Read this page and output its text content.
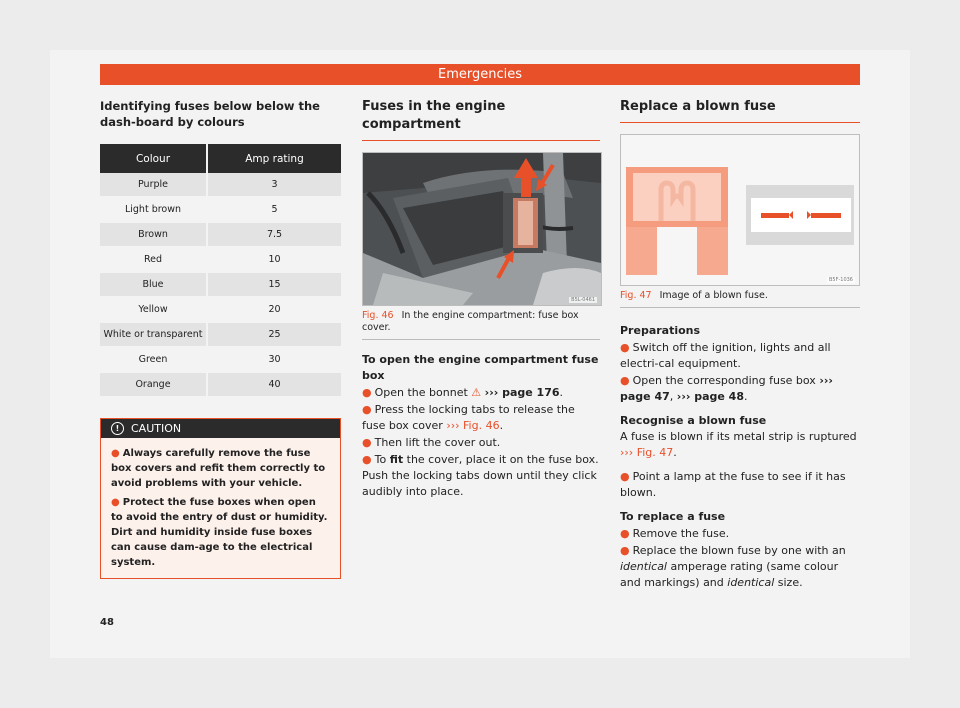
Emergencies

Identifying fuses below below the dash-board by colours

Colour	Amp rating
Purple	3
Light brown	5
Brown	7.5
Red	10
Blue	15
Yellow	20
White or transparent	25
Green	30
Orange	40
!	CAUTION

● Always carefully remove the fuse box covers and refit them correctly to avoid problems with your vehicle.

● Protect the fuse boxes when open to avoid the entry of dust or humidity. Dirt and humidity inside fuse boxes can cause dam-age to the electrical system.

Fuses in the engine compartment
B5L-0461
Fig. 46 In the engine compartment: fuse box cover.

To open the engine compartment fuse box

● Open the bonnet ⚠ ››› page 176.

● Press the locking tabs to release the fuse box cover ››› Fig. 46.

● Then lift the cover out.

● To fit the cover, place it on the fuse box. Push the locking tabs down until they click audibly into place.

Replace a blown fuse
B5F-1036
Fig. 47 Image of a blown fuse.

Preparations

● Switch off the ignition, lights and all electri-cal equipment.

● Open the corresponding fuse box ››› page 47, ››› page 48.

Recognise a blown fuse

A fuse is blown if its metal strip is ruptured ››› Fig. 47.

● Point a lamp at the fuse to see if it has blown.

To replace a fuse

● Remove the fuse.

● Replace the blown fuse by one with an identical amperage rating (same colour and markings) and identical size.

48
